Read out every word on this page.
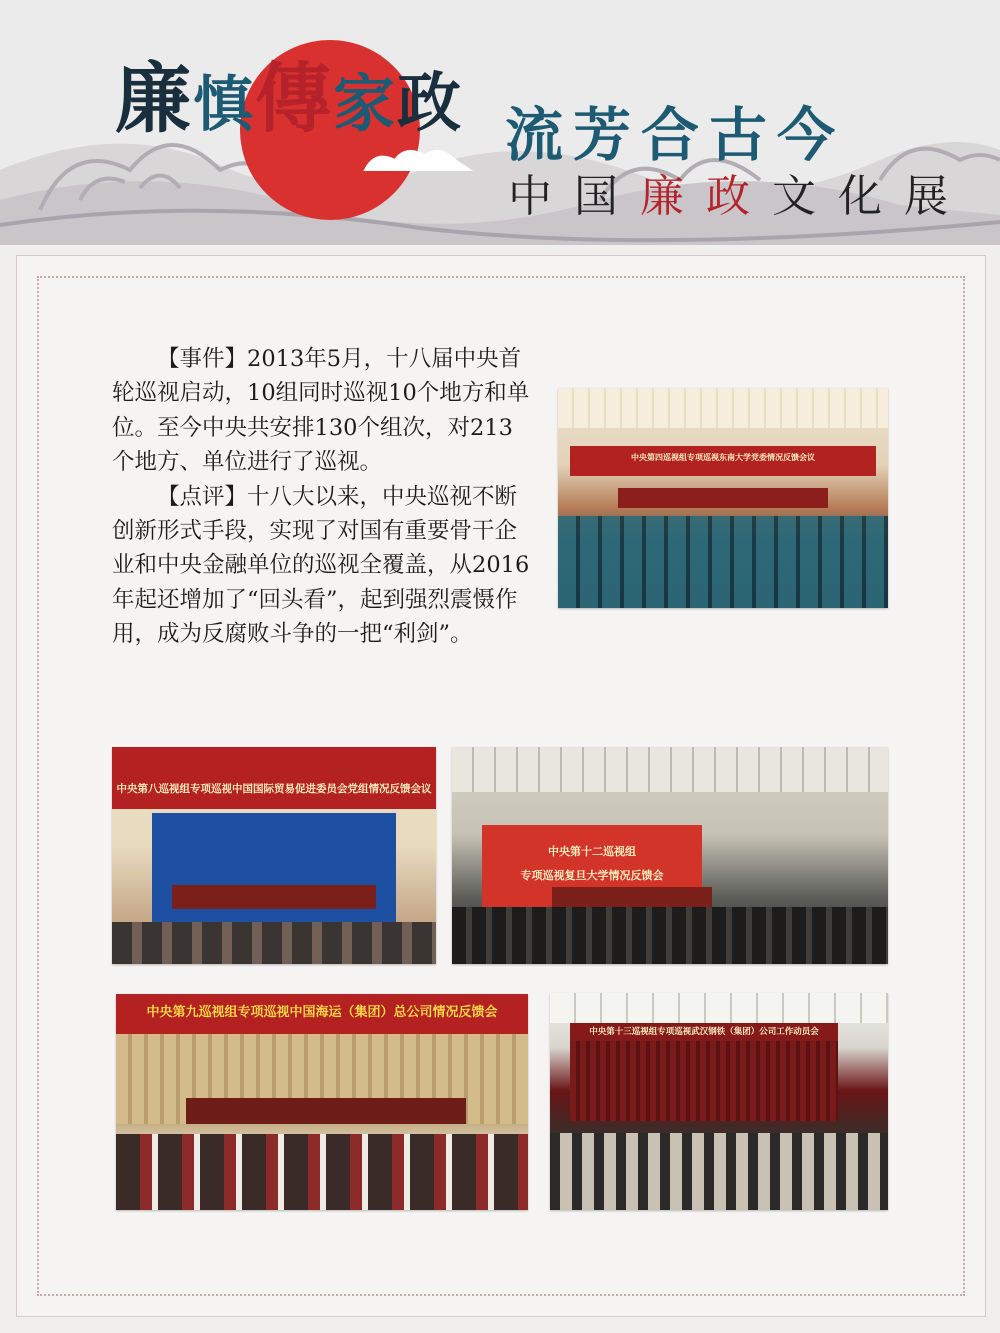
廉慎傳家政 流芳合古今
中国廉政文化展

【事件】2013年5月，十八届中央首轮巡视启动，10组同时巡视10个地方和单位。至今中央共安排130个组次，对213个地方、单位进行了巡视。

【点评】十八大以来，中央巡视不断创新形式手段，实现了对国有重要骨干企业和中央金融单位的巡视全覆盖，从2016年起还增加了“回头看”，起到强烈震慑作用，成为反腐败斗争的一把“利剑”。

中央第四巡视组专项巡视东南大学党委情况反馈会议
中央第八巡视组专项巡视中国国际贸易促进委员会党组情况反馈会议
中央第十二巡视组
专项巡视复旦大学情况反馈会
中央第九巡视组专项巡视中国海运（集团）总公司情况反馈会
中央第十三巡视组专项巡视武汉钢铁（集团）公司工作动员会
